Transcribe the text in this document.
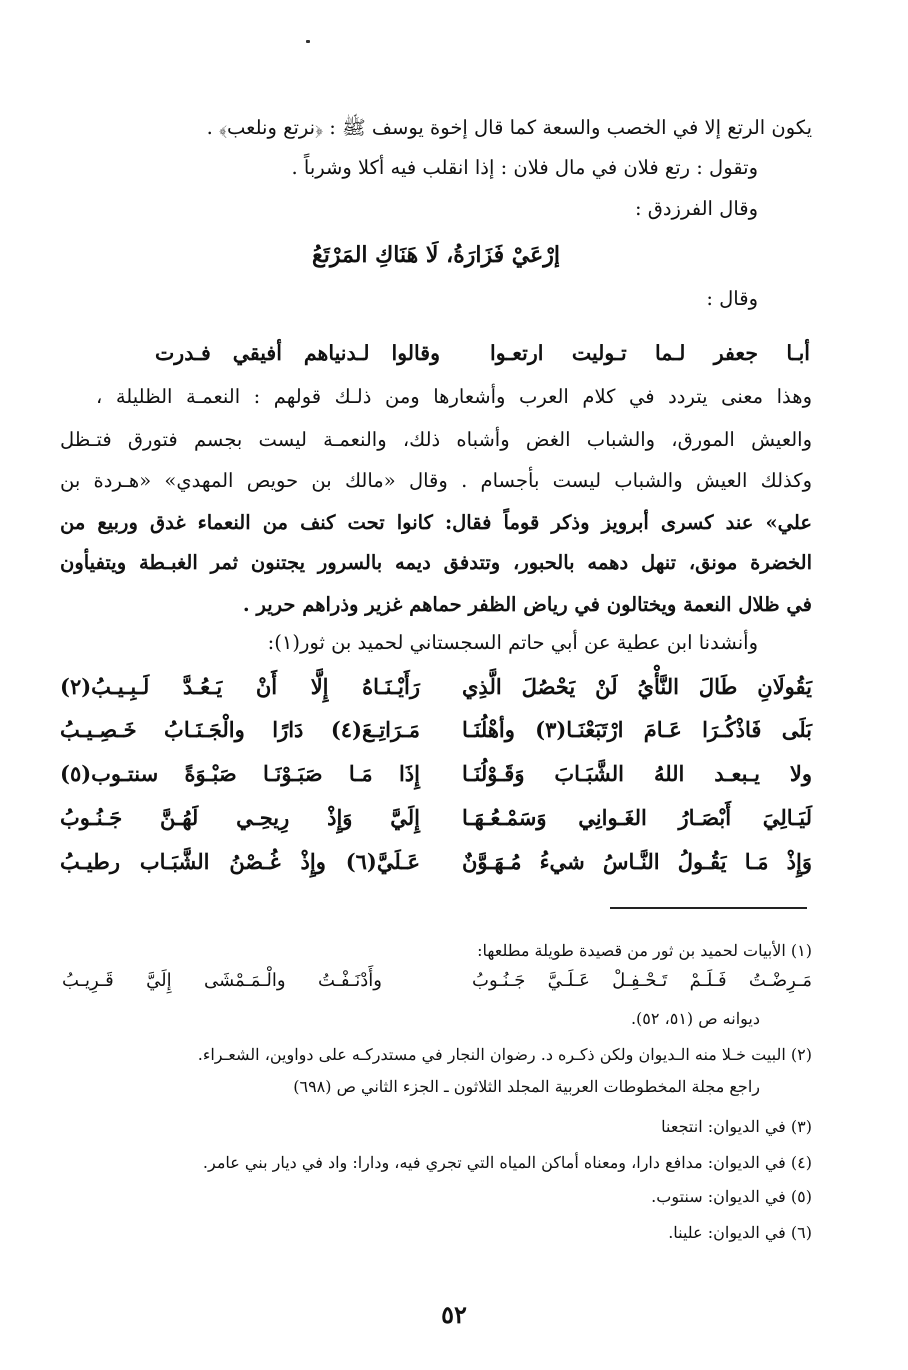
يكون الرتع إلا في الخصب والسعة كما قال إخوة يوسف ﷺ : ﴿نرتع ونلعب﴾ .
وتقول : رتع فلان في مال فلان : إذا انقلب فيه أكلا وشرباً .
وقال الفرزدق :
إرْعَيْ فَزَارَةُ، لَا هَنَاكِ المَرْتَعُ
وقال :
أبـا جعفر لـما تـوليت ارتعـوا
وقالوا لـدنياهم أفيقي فـدرت
وهذا معنى يتردد في كلام العرب وأشعارها ومن ذلـك قولهم : النعمـة الظليلة ،
والعيش المورق، والشباب الغض وأشباه ذلك، والنعمـة ليست بجسم فتورق فتـظل
وكذلك العيش والشباب ليست بأجسام . وقال «مالك بن حويص المهدي» «هـردة بن
علي» عند كسرى أبرويز وذكر قوماً فقال: كانوا تحت كنف من النعماء غدق وربيع من
الخضرة مونق، تنهل دهمه بالحبور، وتتدفق ديمه بالسرور يجتنون ثمر الغبـطة ويتفيأون
في ظلال النعمة ويختالون في رياض الظفر حماهم غزير وذراهم حرير .
وأنشدنا ابن عطية عن أبي حاتم السجستاني لحميد بن ثور(١):
يَقُولَانِ طَالَ النَّأْيُ لَنْ يَحْصُلَ الَّذِي
رَأَيْـنَـاهُ إِلَّا أَنْ يَـعُـدَّ لَـبِـيـبُ(٢)
بَلَى فَاذْكُـرَا عَـامَ ارْتَبَعْنَـا(٣) وأهْلُنَـا
مَـرَاتِـعَ(٤) دَارًا والْجَـنَـابُ خَـصِـيـبُ
ولا يـبعـد اللهُ الشَّبَـابَ وَقَـوْلُنَـا
إِذَا مَـا صَبَـوْنَـا صَبْـوَةً سنتـوب(٥)
لَيَـالِيَ أَبْصَـارُ الغَـوانِي وَسَمْـعُـهَـا
إِلَيَّ وَإِذْ رِيحِـي لَهُـنَّ جَـنُـوبُ
وَإِذْ مَـا يَقُـولُ النَّـاسُ شيءُ مُـهَـوَّنٌ
عَـلَيَّ(٦) وإِذْ غُـصْنُ الشَّبَـاب رطيـبُ
(١) الأبيات لحميد بن ثور من قصيدة طويلة مطلعها:
مَـرِضْـتُ فَـلَـمْ تَـحْـفِـلْ عَـلَـيَّ جَـنُـوبُ
وأَدْنَـفْـتُ والْـمَـمْشَى إِلَيَّ قَـرِيـبُ
ديوانه ص (٥١، ٥٢).
(٢) البيت خـلا منه الـديوان ولكن ذكـره د. رضوان النجار في مستدركـه على دواوين، الشعـراء.
راجع مجلة المخطوطات العربية المجلد الثلاثون ـ الجزء الثاني ص (٦٩٨)
(٣) في الديوان: انتجعنا
(٤) في الديوان: مدافع دارا، ومعناه أماكن المياه التي تجري فيه، ودارا: واد في ديار بني عامر.
(٥) في الديوان: سنتوب.
(٦) في الديوان: علينا.
٥٢
